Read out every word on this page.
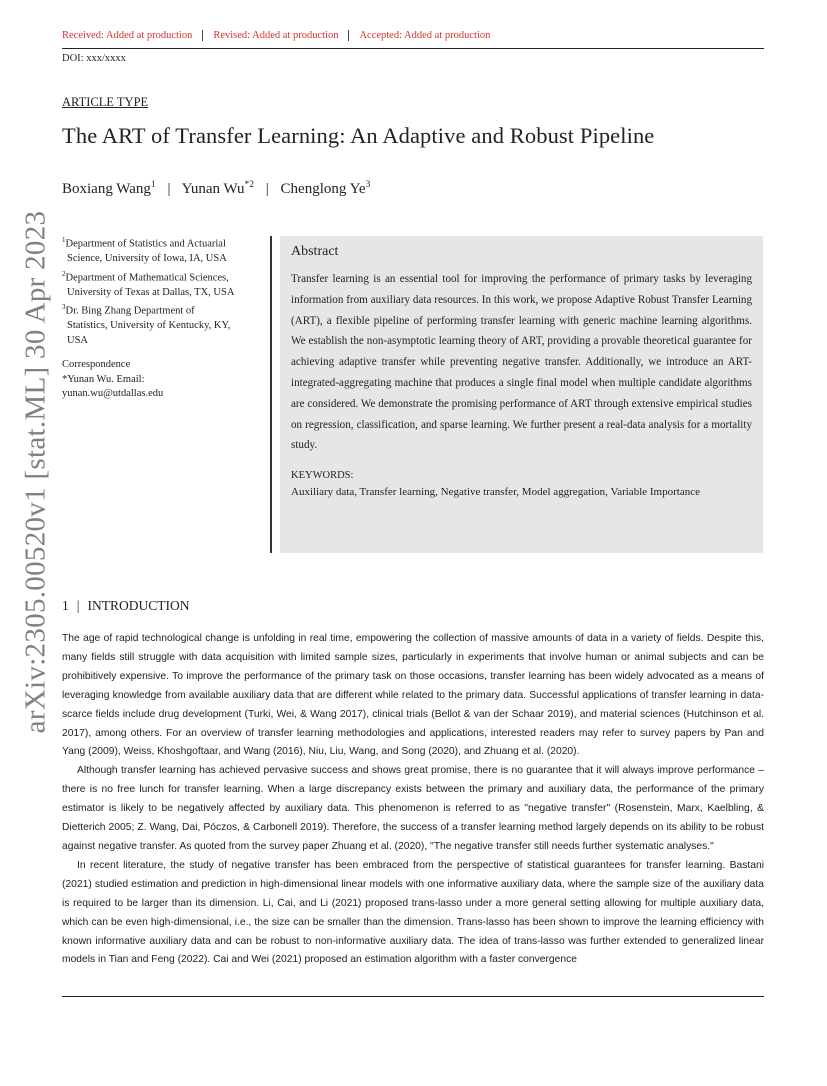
Received: Added at production	Revised: Added at production	Accepted: Added at production
DOI: xxx/xxxx
ARTICLE TYPE
The ART of Transfer Learning: An Adaptive and Robust Pipeline
Boxiang Wang$^1$ | Yunan Wu$^{*2}$ | Chenglong Ye$^3$
$^1$Department of Statistics and Actuarial
Science, University of Iowa, IA, USA
$^2$Department of Mathematical Sciences,
University of Texas at Dallas, TX, USA
$^3$Dr. Bing Zhang Department of
Statistics, University of Kentucky, KY,
USA
Correspondence
*Yunan Wu. Email:
yunan.wu@utdallas.edu
Abstract
Transfer learning is an essential tool for improving the performance of primary tasks by leveraging information from auxiliary data resources. In this work, we propose Adaptive Robust Transfer Learning (ART), a flexible pipeline of performing transfer learning with generic machine learning algorithms. We establish the non-asymptotic learning theory of ART, providing a provable theoretical guarantee for achieving adaptive transfer while preventing negative transfer. Additionally, we introduce an ART-integrated-aggregating machine that produces a single final model when multiple candidate algorithms are considered. We demonstrate the promising performance of ART through extensive empirical studies on regression, classification, and sparse learning. We further present a real-data analysis for a mortality study.
KEYWORDS:
Auxiliary data, Transfer learning, Negative transfer, Model aggregation, Variable Importance
arXiv:2305.00520v1 [stat.ML] 30 Apr 2023 1 | INTRODUCTION

The age of rapid technological change is unfolding in real time, empowering the collection of massive amounts of data in a variety of fields. Despite this, many fields still struggle with data acquisition with limited sample sizes, particularly in experiments that involve human or animal subjects and can be prohibitively expensive. To improve the performance of the primary task on those occasions, transfer learning has been widely advocated as a means of leveraging knowledge from available auxiliary data that are different while related to the primary data. Successful applications of transfer learning in data-scarce fields include drug development (Turki, Wei, & Wang 2017), clinical trials (Bellot & van der Schaar 2019), and material sciences (Hutchinson et al. 2017), among others. For an overview of transfer learning methodologies and applications, interested readers may refer to survey papers by Pan and Yang (2009), Weiss, Khoshgoftaar, and Wang (2016), Niu, Liu, Wang, and Song (2020), and Zhuang et al. (2020).

Although transfer learning has achieved pervasive success and shows great promise, there is no guarantee that it will always improve performance – there is no free lunch for transfer learning. When a large discrepancy exists between the primary and auxiliary data, the performance of the primary estimator is likely to be negatively affected by auxiliary data. This phenomenon is referred to as "negative transfer" (Rosenstein, Marx, Kaelbling, & Dietterich 2005; Z. Wang, Dai, Póczos, & Carbonell 2019). Therefore, the success of a transfer learning method largely depends on its ability to be robust against negative transfer. As quoted from the survey paper Zhuang et al. (2020), "The negative transfer still needs further systematic analyses."

In recent literature, the study of negative transfer has been embraced from the perspective of statistical guarantees for transfer learning. Bastani (2021) studied estimation and prediction in high-dimensional linear models with one informative auxiliary data, where the sample size of the auxiliary data is required to be larger than its dimension. Li, Cai, and Li (2021) proposed trans-lasso under a more general setting allowing for multiple auxiliary data, which can be even high-dimensional, i.e., the size can be smaller than the dimension. Trans-lasso has been shown to improve the learning efficiency with known informative auxiliary data and can be robust to non-informative auxiliary data. The idea of trans-lasso was further extended to generalized linear models in Tian and Feng (2022). Cai and Wei (2021) proposed an estimation algorithm with a faster convergence
